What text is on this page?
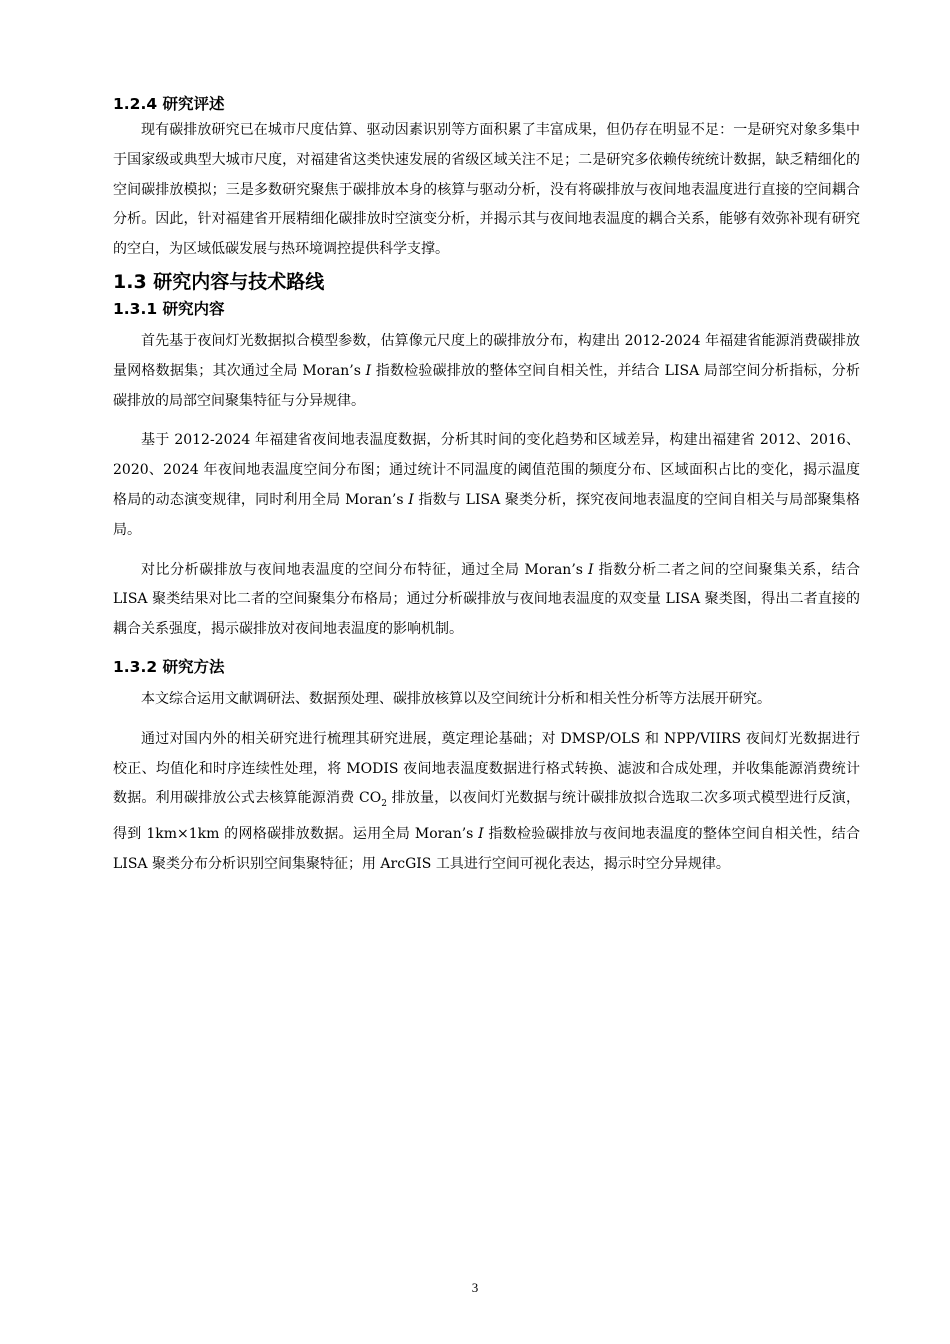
1.2.4 研究评述

现有碳排放研究已在城市尺度估算、驱动因素识别等方面积累了丰富成果，但仍存在明显不足：一是研究对象多集中于国家级或典型大城市尺度，对福建省这类快速发展的省级区域关注不足；二是研究多依赖传统统计数据，缺乏精细化的空间碳排放模拟；三是多数研究聚焦于碳排放本身的核算与驱动分析，没有将碳排放与夜间地表温度进行直接的空间耦合分析。因此，针对福建省开展精细化碳排放时空演变分析，并揭示其与夜间地表温度的耦合关系，能够有效弥补现有研究的空白，为区域低碳发展与热环境调控提供科学支撑。

1.3 研究内容与技术路线
1.3.1 研究内容

首先基于夜间灯光数据拟合模型参数，估算像元尺度上的碳排放分布，构建出 2012-2024 年福建省能源消费碳排放量网格数据集；其次通过全局 Moran’s I 指数检验碳排放的整体空间自相关性，并结合 LISA 局部空间分析指标，分析碳排放的局部空间聚集特征与分异规律。

基于 2012-2024 年福建省夜间地表温度数据，分析其时间的变化趋势和区域差异，构建出福建省 2012、2016、2020、2024 年夜间地表温度空间分布图；通过统计不同温度的阈值范围的频度分布、区域面积占比的变化，揭示温度格局的动态演变规律，同时利用全局 Moran’s I 指数与 LISA 聚类分析，探究夜间地表温度的空间自相关与局部聚集格局。

对比分析碳排放与夜间地表温度的空间分布特征，通过全局 Moran’s I 指数分析二者之间的空间聚集关系，结合 LISA 聚类结果对比二者的空间聚集分布格局；通过分析碳排放与夜间地表温度的双变量 LISA 聚类图，得出二者直接的耦合关系强度，揭示碳排放对夜间地表温度的影响机制。

1.3.2 研究方法

本文综合运用文献调研法、数据预处理、碳排放核算以及空间统计分析和相关性分析等方法展开研究。

通过对国内外的相关研究进行梳理其研究进展，奠定理论基础；对 DMSP/OLS 和 NPP/VIIRS 夜间灯光数据进行校正、均值化和时序连续性处理，将 MODIS 夜间地表温度数据进行格式转换、滤波和合成处理，并收集能源消费统计数据。利用碳排放公式去核算能源消费 $CO_2$ 排放量，以夜间灯光数据与统计碳排放拟合选取二次多项式模型进行反演，得到 1km×1km 的网格碳排放数据。运用全局 Moran’s I 指数检验碳排放与夜间地表温度的整体空间自相关性，结合 LISA 聚类分布分析识别空间集聚特征；用 ArcGIS 工具进行空间可视化表达，揭示时空分异规律。

3
